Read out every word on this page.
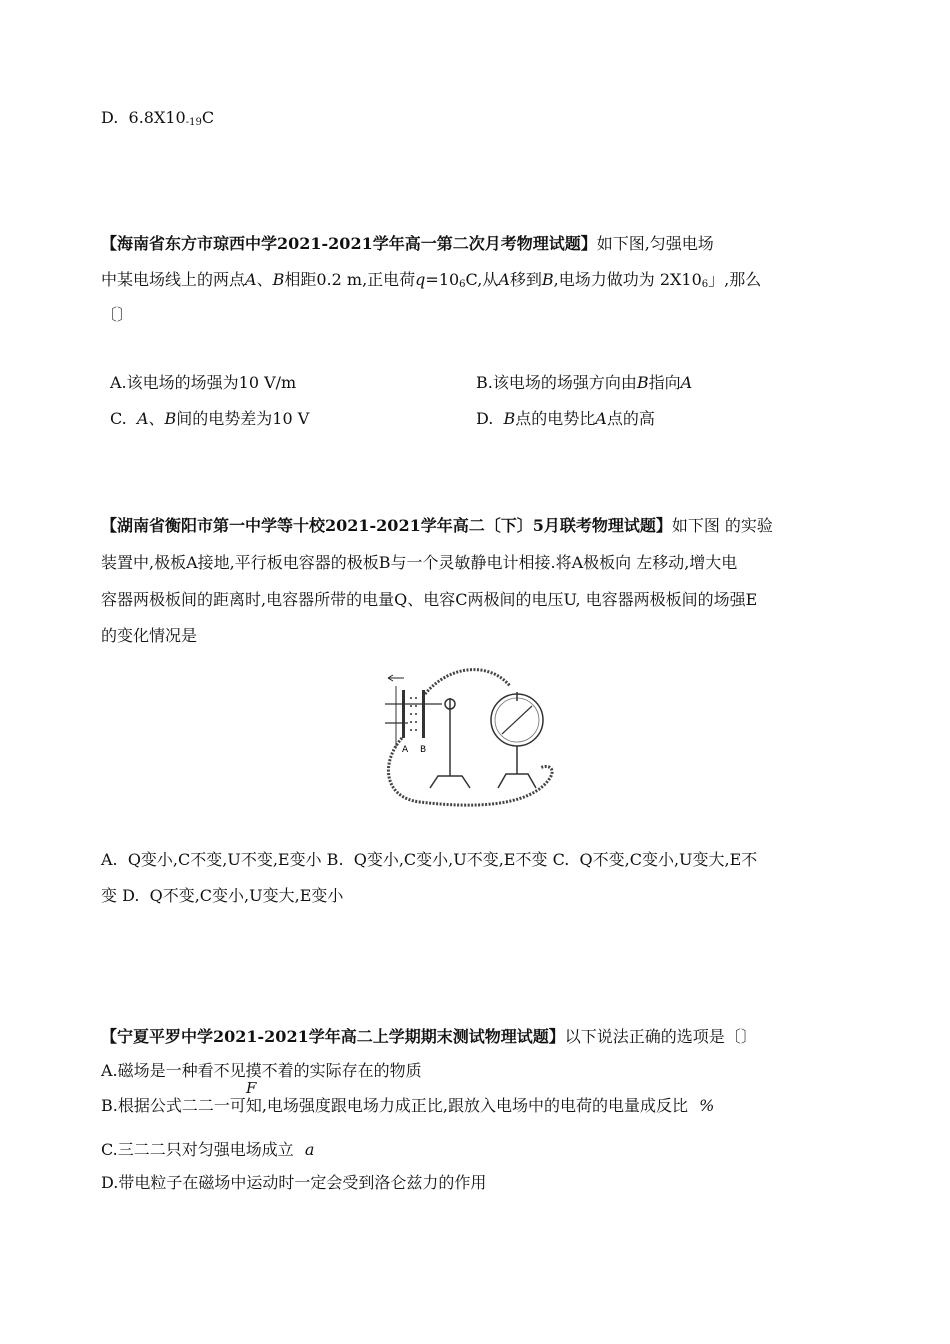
D.  $6.8X10_{-19}C$
【海南省东方市琼西中学2021-2021学年高一第二次月考物理试题】如下图,匀强电场
中某电场线上的两点A、B相距0.2 m,正电荷$q=10_6C$,从A移到B,电场力做功为 $2X10_6$」,那么
〔〕
A.该电场的场强为10 V/m	B.该电场的场强方向由B指向A
C.  A、B间的电势差为10 V	D.  B点的电势比A点的高
【湖南省衡阳市第一中学等十校2021-2021学年高二〔下〕5月联考物理试题】如下图 的实验
装置中,极板A接地,平行板电容器的极板B与一个灵敏静电计相接.将A极板向 左移动,增大电
容器两极板间的距离时,电容器所带的电量Q、电容C两极间的电压U, 电容器两极板间的场强E
的变化情况是
A B
A.  Q变小,C不变,U不变,E变小 B.  Q变小,C变小,U不变,E不变 C.  Q不变,C变小,U变大,E不
变 D.  Q不变,C变小,U变大,E变小
【宁夏平罗中学2021-2021学年高二上学期期末测试物理试题】以下说法正确的选项是〔〕
A.磁场是一种看不见摸不着的实际存在的物质
F
B.根据公式二二一可知,电场强度跟电场力成正比,跟放入电场中的电荷的电量成反比 %
C.三二二只对匀强电场成立 a
D.带电粒子在磁场中运动时一定会受到洛仑兹力的作用
